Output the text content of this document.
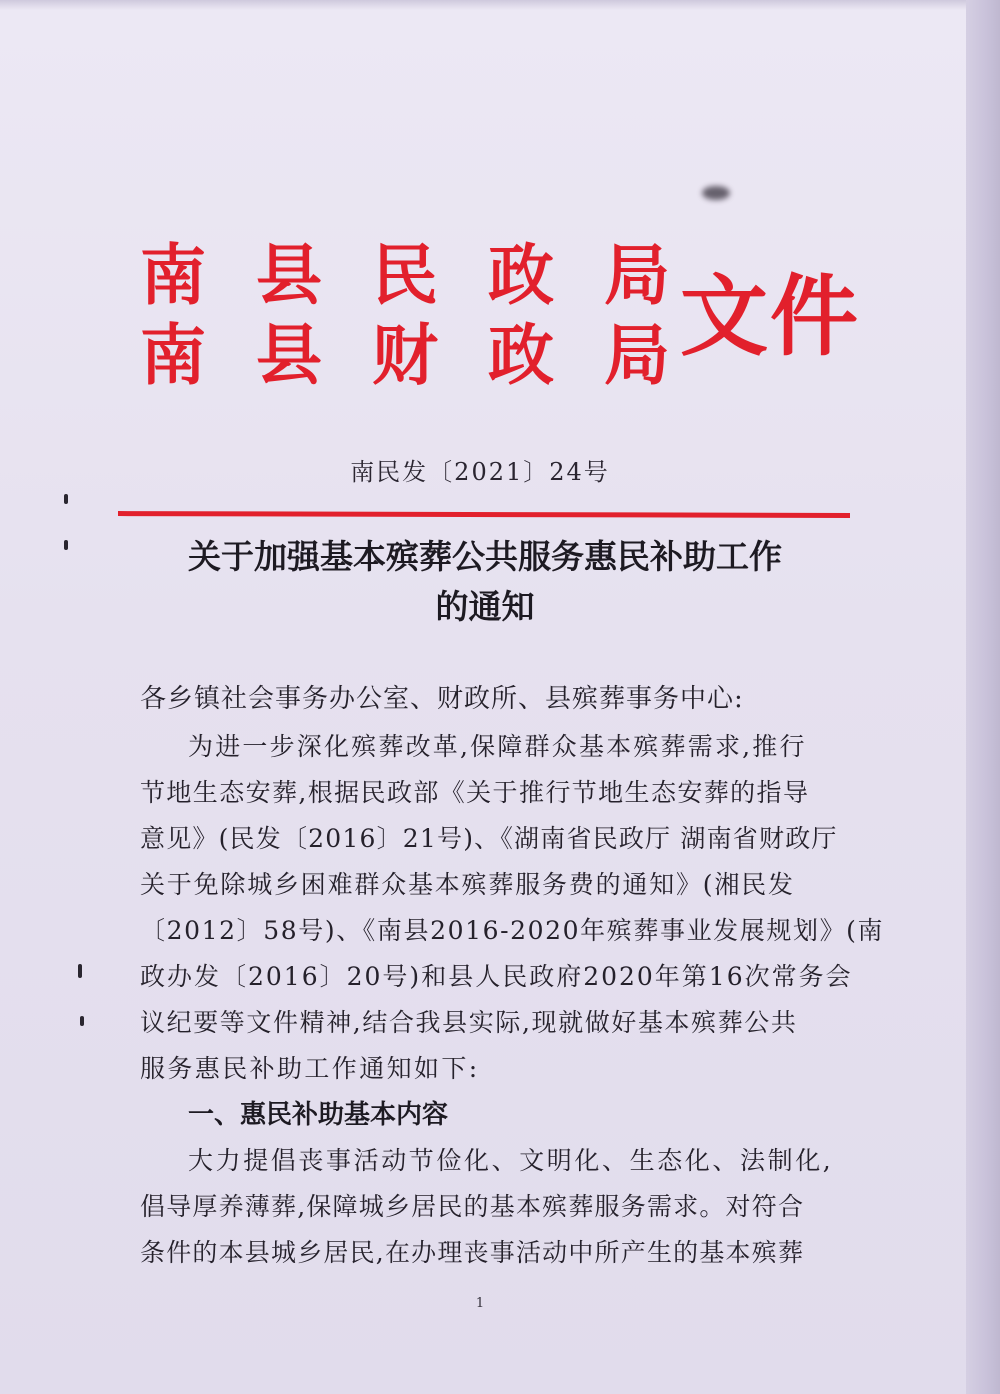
南县民政局
南县财政局
文件
南民发〔2021〕24号
关于加强基本殡葬公共服务惠民补助工作
的通知
各乡镇社会事务办公室、财政所、县殡葬事务中心:
为进一步深化殡葬改革,保障群众基本殡葬需求,推行
节地生态安葬,根据民政部《关于推行节地生态安葬的指导
意见》(民发〔2016〕21号)、《湖南省民政厅 湖南省财政厅
关于免除城乡困难群众基本殡葬服务费的通知》(湘民发
〔2012〕58号)、《南县2016-2020年殡葬事业发展规划》(南
政办发〔2016〕20号)和县人民政府2020年第16次常务会
议纪要等文件精神,结合我县实际,现就做好基本殡葬公共
服务惠民补助工作通知如下:
一、惠民补助基本内容
大力提倡丧事活动节俭化、文明化、生态化、法制化,
倡导厚养薄葬,保障城乡居民的基本殡葬服务需求。对符合
条件的本县城乡居民,在办理丧事活动中所产生的基本殡葬
1
